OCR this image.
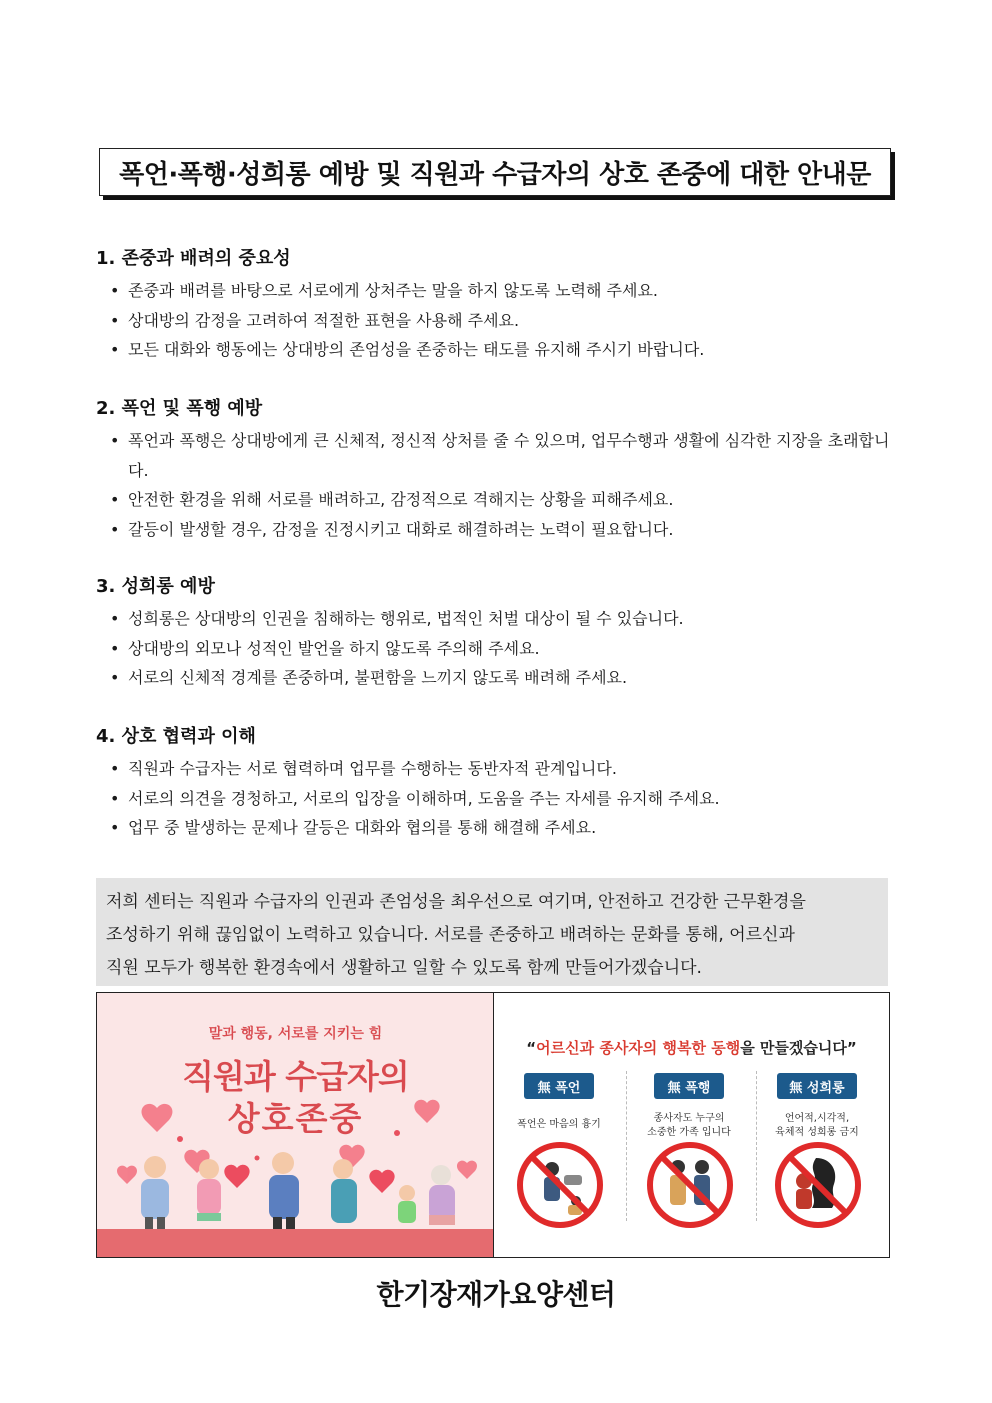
폭언·폭행·성희롱 예방 및 직원과 수급자의 상호 존중에 대한 안내문
1. 존중과 배려의 중요성
• 존중과 배려를 바탕으로 서로에게 상처주는 말을 하지 않도록 노력해 주세요.
• 상대방의 감정을 고려하여 적절한 표현을 사용해 주세요.
• 모든 대화와 행동에는 상대방의 존엄성을 존중하는 태도를 유지해 주시기 바랍니다.
2. 폭언 및 폭행 예방
• 폭언과 폭행은 상대방에게 큰 신체적, 정신적 상처를 줄 수 있으며, 업무수행과 생활에 심각한 지장을 초래합니다.
• 안전한 환경을 위해 서로를 배려하고, 감정적으로 격해지는 상황을 피해주세요.
• 갈등이 발생할 경우, 감정을 진정시키고 대화로 해결하려는 노력이 필요합니다.
3. 성희롱 예방
• 성희롱은 상대방의 인권을 침해하는 행위로, 법적인 처벌 대상이 될 수 있습니다.
• 상대방의 외모나 성적인 발언을 하지 않도록 주의해 주세요.
• 서로의 신체적 경계를 존중하며, 불편함을 느끼지 않도록 배려해 주세요.
4. 상호 협력과 이해
• 직원과 수급자는 서로 협력하며 업무를 수행하는 동반자적 관계입니다.
• 서로의 의견을 경청하고, 서로의 입장을 이해하며, 도움을 주는 자세를 유지해 주세요.
• 업무 중 발생하는 문제나 갈등은 대화와 협의를 통해 해결해 주세요.
저희 센터는 직원과 수급자의 인권과 존엄성을 최우선으로 여기며, 안전하고 건강한 근무환경을
조성하기 위해 끊임없이 노력하고 있습니다. 서로를 존중하고 배려하는 문화를 통해, 어르신과
직원 모두가 행복한 환경속에서 생활하고 일할 수 있도록 함께 만들어가겠습니다.
말과 행동, 서로를 지키는 힘
직원과 수급자의
상호존중
“어르신과 종사자의 행복한 동행을 만들겠습니다”
無 폭언
폭언은 마음의 흉기
無 폭행
종사자도 누구의
소중한 가족 입니다
無 성희롱
언어적,시각적,
육체적 성희롱 금지
한기장재가요양센터
